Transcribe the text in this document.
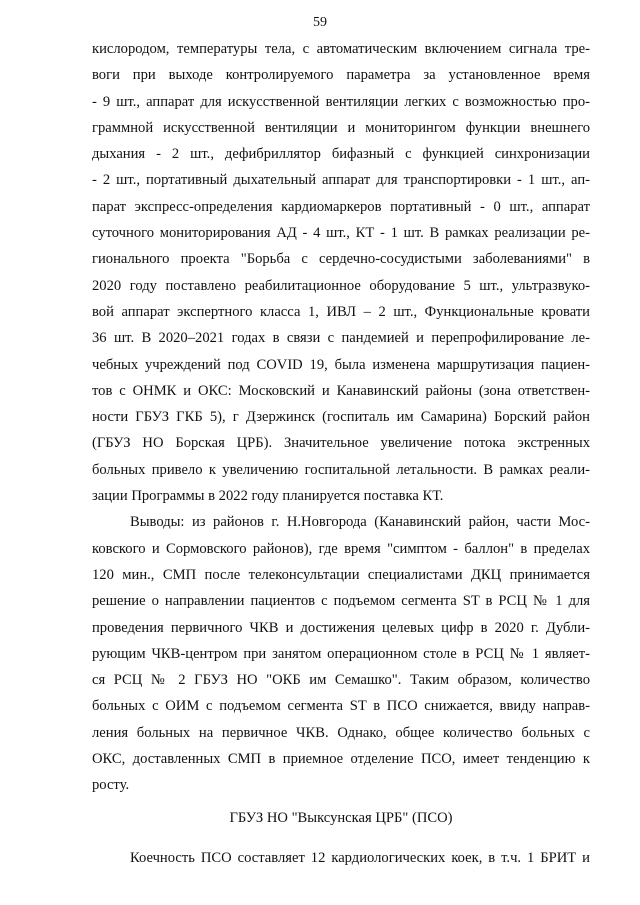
59
кислородом, температуры тела, с автоматическим включением сигнала тре-
воги при выходе контролируемого параметра за установленное время
- 9 шт., аппарат для искусственной вентиляции легких с возможностью про-
граммной искусственной вентиляции и мониторингом функции внешнего
дыхания - 2 шт., дефибриллятор бифазный с функцией синхронизации
- 2 шт., портативный дыхательный аппарат для транспортировки - 1 шт., ап-
парат экспресс-определения кардиомаркеров портативный - 0 шт., аппарат
суточного мониторирования АД - 4 шт., КТ - 1 шт. В рамках реализации ре-
гионального проекта "Борьба с сердечно-сосудистыми заболеваниями" в
2020 году поставлено реабилитационное оборудование 5 шт., ультразвуко-
вой аппарат экспертного класса 1, ИВЛ – 2 шт., Функциональные кровати
36 шт. В 2020–2021 годах в связи с пандемией и перепрофилирование ле-
чебных учреждений под COVID 19, была изменена маршрутизация пациен-
тов с ОНМК и ОКС: Московский и Канавинский районы (зона ответствен-
ности ГБУЗ ГКБ 5), г Дзержинск (госпиталь им Самарина) Борский район
(ГБУЗ НО Борская ЦРБ). Значительное увеличение потока экстренных
больных привело к увеличению госпитальной летальности. В рамках реали-
зации Программы в 2022 году планируется поставка КТ.
Выводы: из районов г. Н.Новгорода (Канавинский район, части Мос-
ковского и Сормовского районов), где время "симптом - баллон" в пределах
120 мин., СМП после телеконсультации специалистами ДКЦ принимается
решение о направлении пациентов с подъемом сегмента ST в РСЦ № 1 для
проведения первичного ЧКВ и достижения целевых цифр в 2020 г. Дубли-
рующим ЧКВ-центром при занятом операционном столе в РСЦ № 1 являет-
ся РСЦ № 2 ГБУЗ НО "ОКБ им Семашко". Таким образом, количество
больных с ОИМ с подъемом сегмента ST в ПСО снижается, ввиду направ-
ления больных на первичное ЧКВ. Однако, общее количество больных с
ОКС, доставленных СМП в приемное отделение ПСО, имеет тенденцию к
росту.
ГБУЗ НО "Выксунская ЦРБ" (ПСО)
Коечность ПСО составляет 12 кардиологических коек, в т.ч. 1 БРИТ и
